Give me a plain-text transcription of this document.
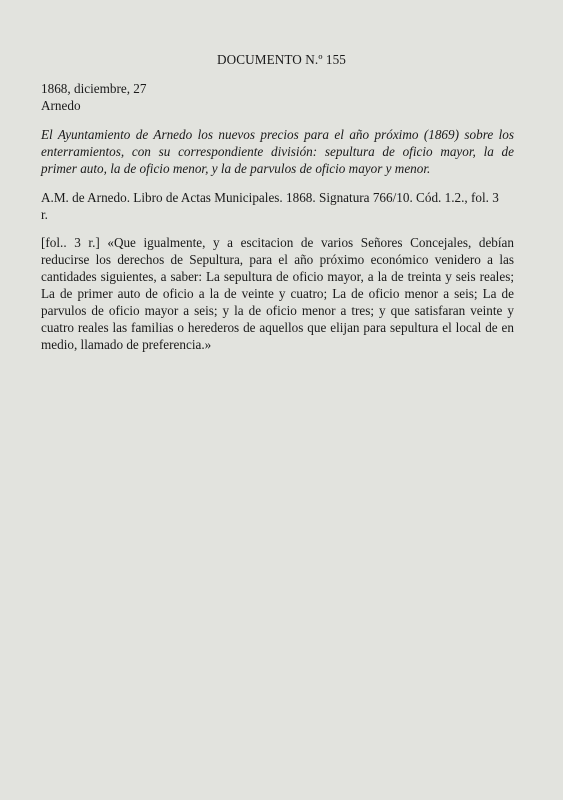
DOCUMENTO N.º 155
1868, diciembre, 27
Arnedo
El Ayuntamiento de Arnedo los nuevos precios para el año próximo (1869) sobre los
enterramientos, con su correspondiente división: sepultura de oficio mayor, la de
primer auto, la de oficio menor, y la de parvulos de oficio mayor y menor.
A.M. de Arnedo. Libro de Actas Municipales. 1868. Signatura 766/10. Cód. 1.2., fol. 3
r.
[fol.. 3 r.] «Que igualmente, y a escitacion de varios Señores Concejales, debían
reducirse los derechos de Sepultura, para el año próximo económico venidero a las
cantidades siguientes, a saber: La sepultura de oficio mayor, a la de treinta y seis reales;
La de primer auto de oficio a la de veinte y cuatro; La de oficio menor a seis; La de
parvulos de oficio mayor a seis; y la de oficio menor a tres; y que satisfaran veinte y
cuatro reales las familias o herederos de aquellos que elijan para sepultura el local de en
medio, llamado de preferencia.»
